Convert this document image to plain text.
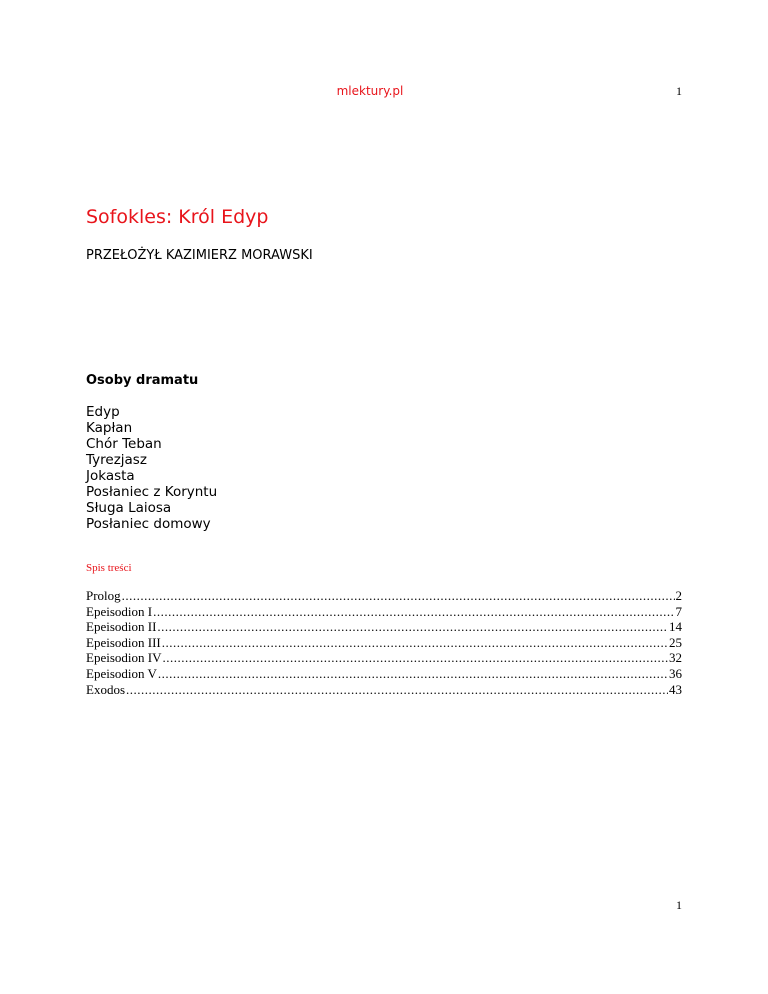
mlektury.pl	1
Sofokles: Król Edyp
PRZEŁOŻYŁ KAZIMIERZ MORAWSKI
Osoby dramatu
Edyp
Kapłan
Chór Teban
Tyrezjasz
Jokasta
Posłaniec z Koryntu
Sługa Laiosa
Posłaniec domowy
Spis treści
Prolog .....	2
Epeisodion I .....	7
Epeisodion II .....	14
Epeisodion III .....	25
Epeisodion IV .....	32
Epeisodion V .....	36
Exodos .....	43
1
